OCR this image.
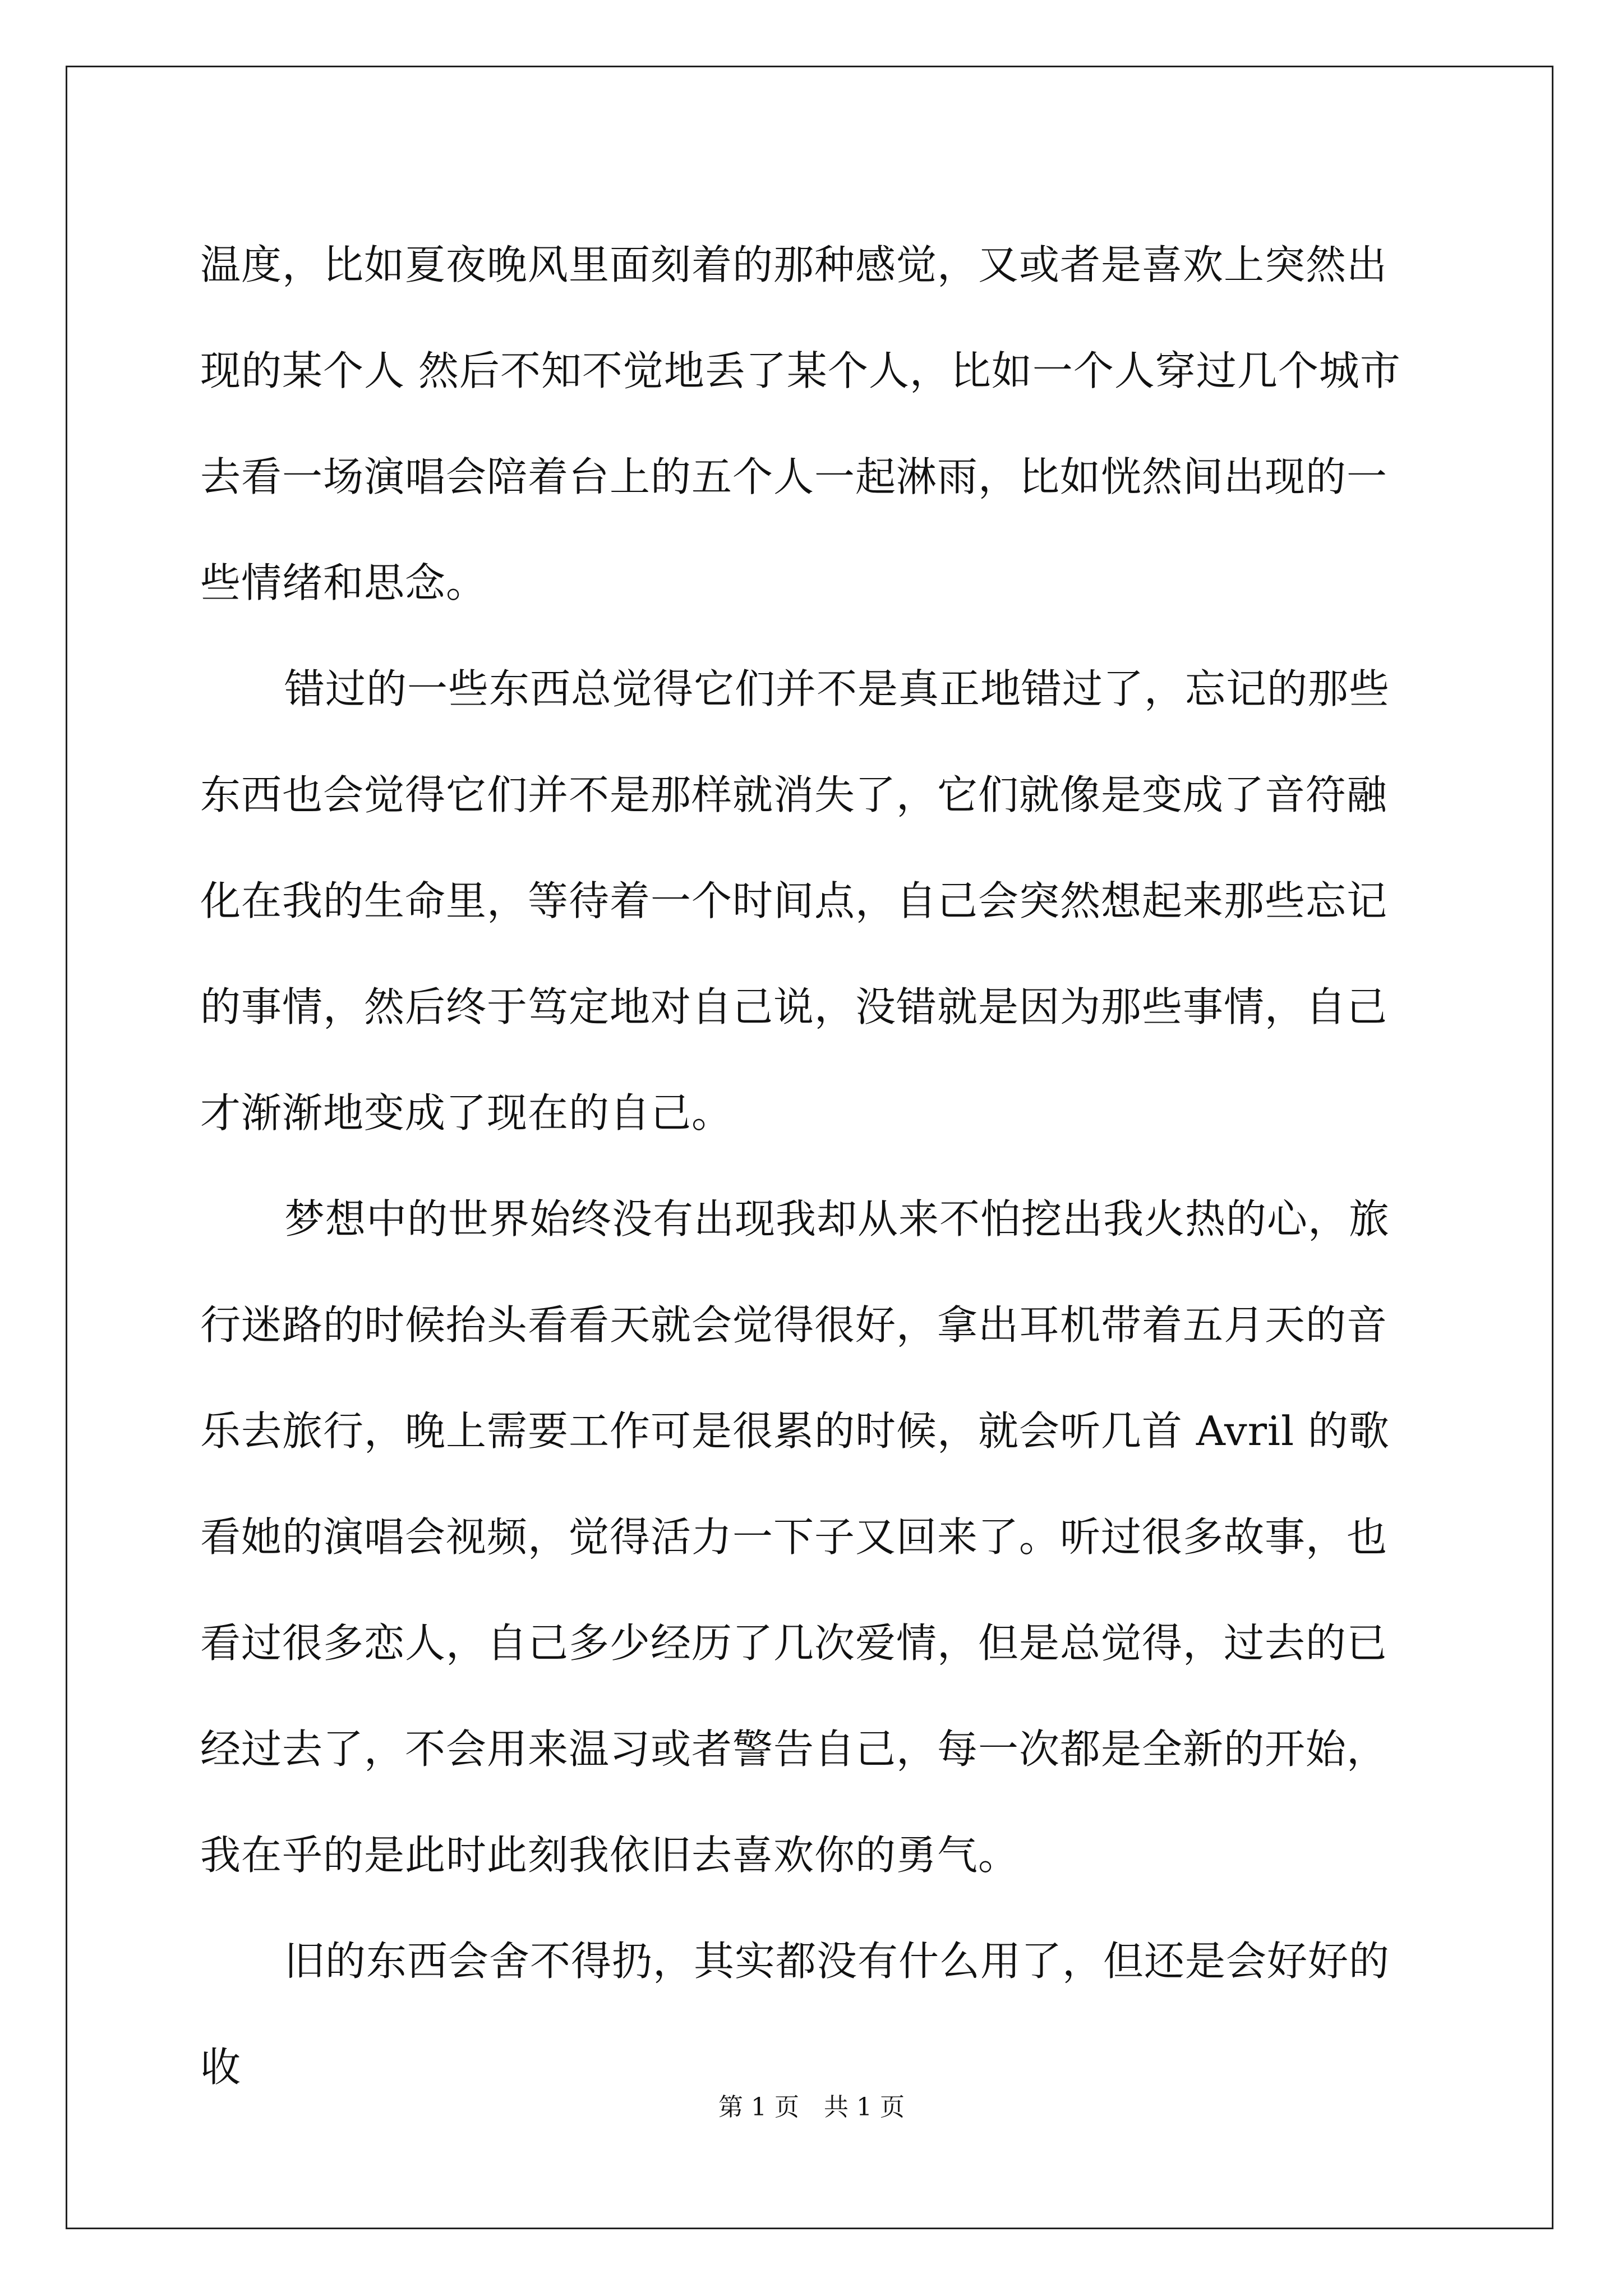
温度，比如夏夜晚风里面刻着的那种感觉，又或者是喜欢上突然出现的某个人 然后不知不觉地丢了某个人，比如一个人穿过几个城市去看一场演唱会陪着台上的五个人一起淋雨，比如恍然间出现的一些情绪和思念。

错过的一些东西总觉得它们并不是真正地错过了，忘记的那些东西也会觉得它们并不是那样就消失了，它们就像是变成了音符融化在我的生命里，等待着一个时间点，自己会突然想起来那些忘记的事情，然后终于笃定地对自己说，没错就是因为那些事情，自己才渐渐地变成了现在的自己。

梦想中的世界始终没有出现我却从来不怕挖出我火热的心，旅行迷路的时候抬头看看天就会觉得很好，拿出耳机带着五月天的音乐去旅行，晚上需要工作可是很累的时候，就会听几首 Avril 的歌看她的演唱会视频，觉得活力一下子又回来了。听过很多故事，也看过很多恋人，自己多少经历了几次爱情，但是总觉得，过去的已经过去了，不会用来温习或者警告自己，每一次都是全新的开始，我在乎的是此时此刻我依旧去喜欢你的勇气。

旧的东西会舍不得扔，其实都没有什么用了，但还是会好好的收

第 1 页　共 1 页
